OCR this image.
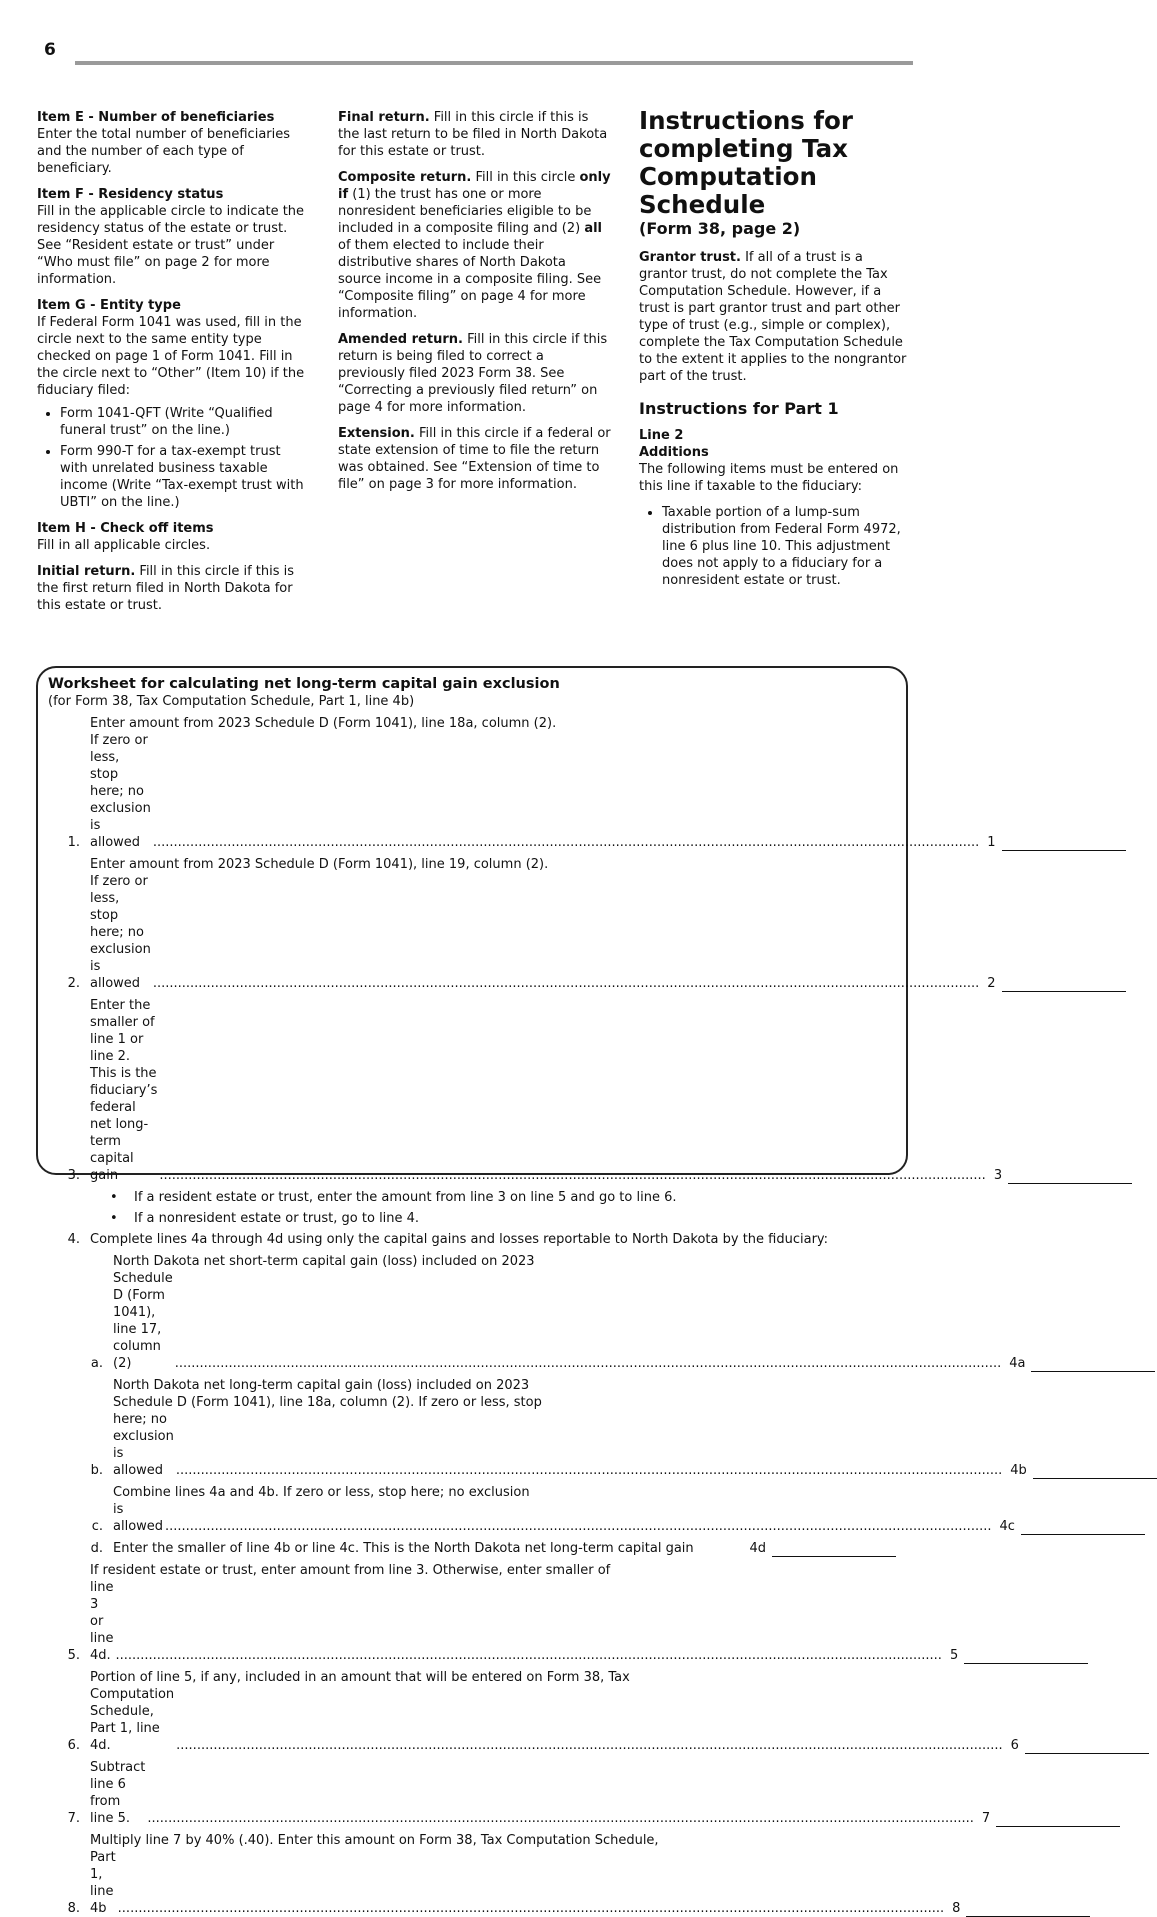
6

Item E - Number of beneficiaries
Enter the total number of beneficiaries and the number of each type of beneficiary.

Item F - Residency status
Fill in the applicable circle to indicate the residency status of the estate or trust. See “Resident estate or trust” under “Who must file” on page 2 for more information.

Item G - Entity type
If Federal Form 1041 was used, fill in the circle next to the same entity type checked on page 1 of Form 1041. Fill in the circle next to “Other” (Item 10) if the fiduciary filed:

• Form 1041-QFT (Write “Qualified funeral trust” on the line.)
• Form 990-T for a tax-exempt trust with unrelated business taxable income (Write “Tax-exempt trust with UBTI” on the line.)

Item H - Check off items
Fill in all applicable circles.

Initial return. Fill in this circle if this is the first return filed in North Dakota for this estate or trust.

Final return. Fill in this circle if this is the last return to be filed in North Dakota for this estate or trust.

Composite return. Fill in this circle only if (1) the trust has one or more nonresident beneficiaries eligible to be included in a composite filing and (2) all of them elected to include their distributive shares of North Dakota source income in a composite filing. See “Composite filing” on page 4 for more information.

Amended return. Fill in this circle if this return is being filed to correct a previously filed 2023 Form 38. See “Correcting a previously filed return” on page 4 for more information.

Extension. Fill in this circle if a federal or state extension of time to file the return was obtained. See “Extension of time to file” on page 3 for more information.

Instructions for completing Tax Computation Schedule
(Form 38, page 2)

Grantor trust. If all of a trust is a grantor trust, do not complete the Tax Computation Schedule. However, if a trust is part grantor trust and part other type of trust (e.g., simple or complex), complete the Tax Computation Schedule to the extent it applies to the nongrantor part of the trust.

Instructions for Part 1
Line 2
Additions
The following items must be entered on this line if taxable to the fiduciary:
• Taxable portion of a lump-sum distribution from Federal Form 4972, line 6 plus line 10. This adjustment does not apply to a fiduciary for a nonresident estate or trust.
Worksheet for calculating net long-term capital gain exclusion
(for Form 38, Tax Computation Schedule, Part 1, line 4b)
1.
Enter amount from 2023 Schedule D (Form 1041), line 18a, column (2).
If zero or less, stop here; no exclusion is allowed .....	1
2.
Enter amount from 2023 Schedule D (Form 1041), line 19, column (2).
If zero or less, stop here; no exclusion is allowed .....	2
3.
Enter the smaller of line 1 or line 2. This is the fiduciary’s federal net long-term capital gain .....	3
•	If a resident estate or trust, enter the amount from line 3 on line 5 and go to line 6.
•	If a nonresident estate or trust, go to line 4.
4. Complete lines 4a through 4d using only the capital gains and losses reportable to North Dakota by the fiduciary:
a.
North Dakota net short-term capital gain (loss) included on 2023
Schedule D (Form 1041), line 17, column (2) .....	4a
b.
North Dakota net long-term capital gain (loss) included on 2023
Schedule D (Form 1041), line 18a, column (2). If zero or less, stop
here; no exclusion is allowed .....	4b
c.
Combine lines 4a and 4b. If zero or less, stop here; no exclusion
is allowed .....	4c
d. Enter the smaller of line 4b or line 4c. This is the North Dakota net long-term capital gain	4d
5.
If resident estate or trust, enter amount from line 3. Otherwise, enter smaller of
line 3 or line 4d. .....	5
6.
Portion of line 5, if any, included in an amount that will be entered on Form 38, Tax
Computation Schedule, Part 1, line 4d. .....	6
7.
Subtract line 6 from line 5. .....	7
8.
Multiply line 7 by 40% (.40). Enter this amount on Form 38, Tax Computation Schedule,
Part 1, line 4b .....	8
